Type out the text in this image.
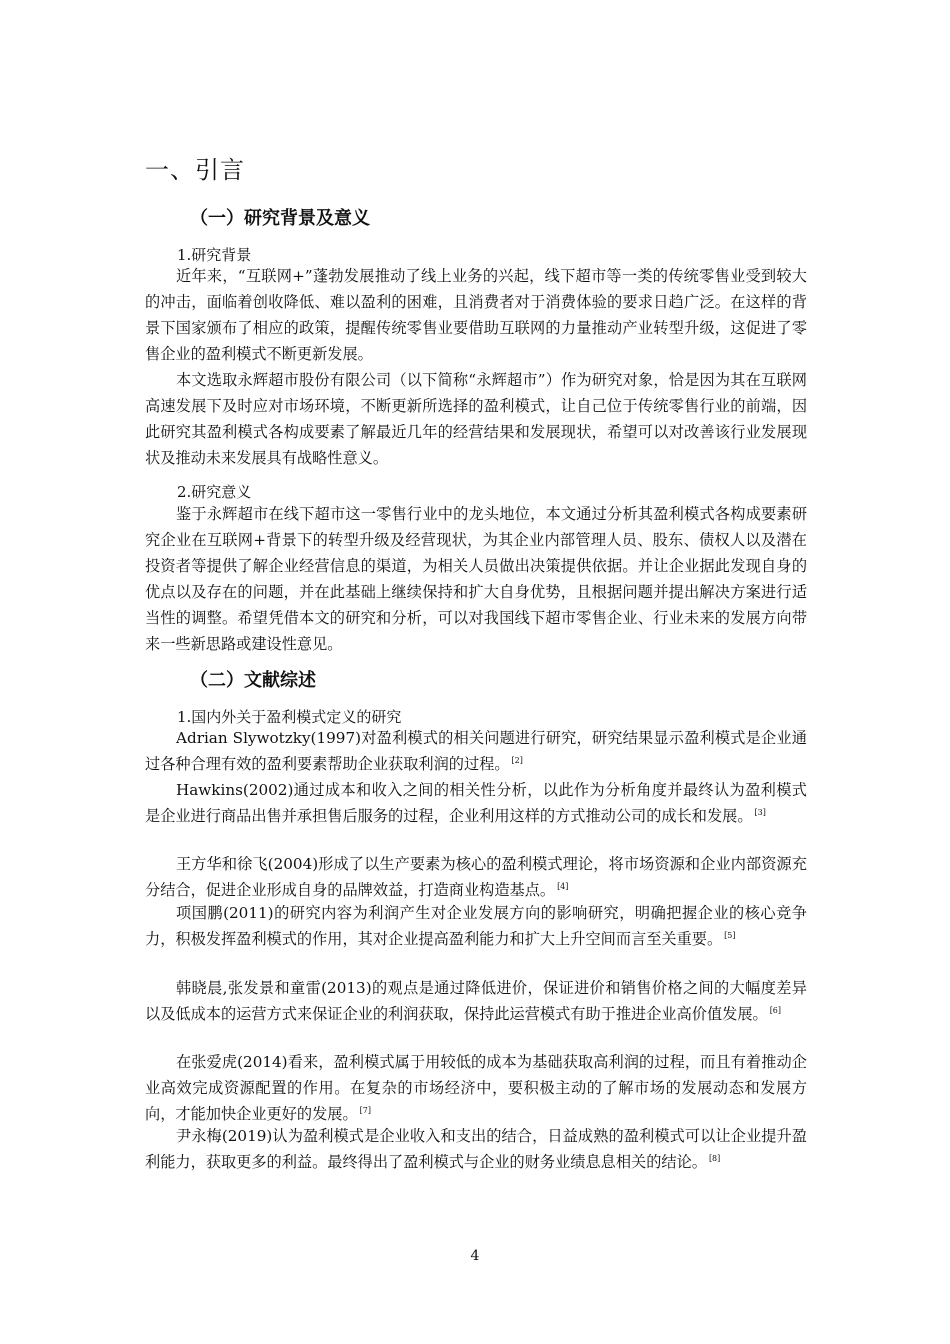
一、引言
（一）研究背景及意义
1.研究背景

近年来，“互联网+”蓬勃发展推动了线上业务的兴起，线下超市等一类的传统零售业受到较大的冲击，面临着创收降低、难以盈利的困难，且消费者对于消费体验的要求日趋广泛。在这样的背景下国家颁布了相应的政策，提醒传统零售业要借助互联网的力量推动产业转型升级，这促进了零售企业的盈利模式不断更新发展。

本文选取永辉超市股份有限公司（以下简称“永辉超市”）作为研究对象，恰是因为其在互联网高速发展下及时应对市场环境，不断更新所选择的盈利模式，让自己位于传统零售行业的前端，因此研究其盈利模式各构成要素了解最近几年的经营结果和发展现状，希望可以对改善该行业发展现状及推动未来发展具有战略性意义。

2.研究意义

鉴于永辉超市在线下超市这一零售行业中的龙头地位，本文通过分析其盈利模式各构成要素研究企业在互联网+背景下的转型升级及经营现状，为其企业内部管理人员、股东、债权人以及潜在投资者等提供了解企业经营信息的渠道，为相关人员做出决策提供依据。并让企业据此发现自身的优点以及存在的问题，并在此基础上继续保持和扩大自身优势，且根据问题并提出解决方案进行适当性的调整。希望凭借本文的研究和分析，可以对我国线下超市零售企业、行业未来的发展方向带来一些新思路或建设性意见。

（二）文献综述
1.国内外关于盈利模式定义的研究

Adrian Slywotzky(1997)对盈利模式的相关问题进行研究，研究结果显示盈利模式是企业通过各种合理有效的盈利要素帮助企业获取利润的过程。 [2]

Hawkins(2002)通过成本和收入之间的相关性分析，以此作为分析角度并最终认为盈利模式是企业进行商品出售并承担售后服务的过程，企业利用这样的方式推动公司的成长和发展。 [3]

王方华和徐飞(2004)形成了以生产要素为核心的盈利模式理论，将市场资源和企业内部资源充分结合，促进企业形成自身的品牌效益，打造商业构造基点。 [4]

项国鹏(2011)的研究内容为利润产生对企业发展方向的影响研究，明确把握企业的核心竞争力，积极发挥盈利模式的作用，其对企业提高盈利能力和扩大上升空间而言至关重要。 [5]

韩晓晨,张发景和童雷(2013)的观点是通过降低进价，保证进价和销售价格之间的大幅度差异以及低成本的运营方式来保证企业的利润获取，保持此运营模式有助于推进企业高价值发展。 [6]

在张爱虎(2014)看来，盈利模式属于用较低的成本为基础获取高利润的过程，而且有着推动企业高效完成资源配置的作用。在复杂的市场经济中，要积极主动的了解市场的发展动态和发展方向，才能加快企业更好的发展。 [7]

尹永梅(2019)认为盈利模式是企业收入和支出的结合，日益成熟的盈利模式可以让企业提升盈利能力，获取更多的利益。最终得出了盈利模式与企业的财务业绩息息相关的结论。 [8]

4
